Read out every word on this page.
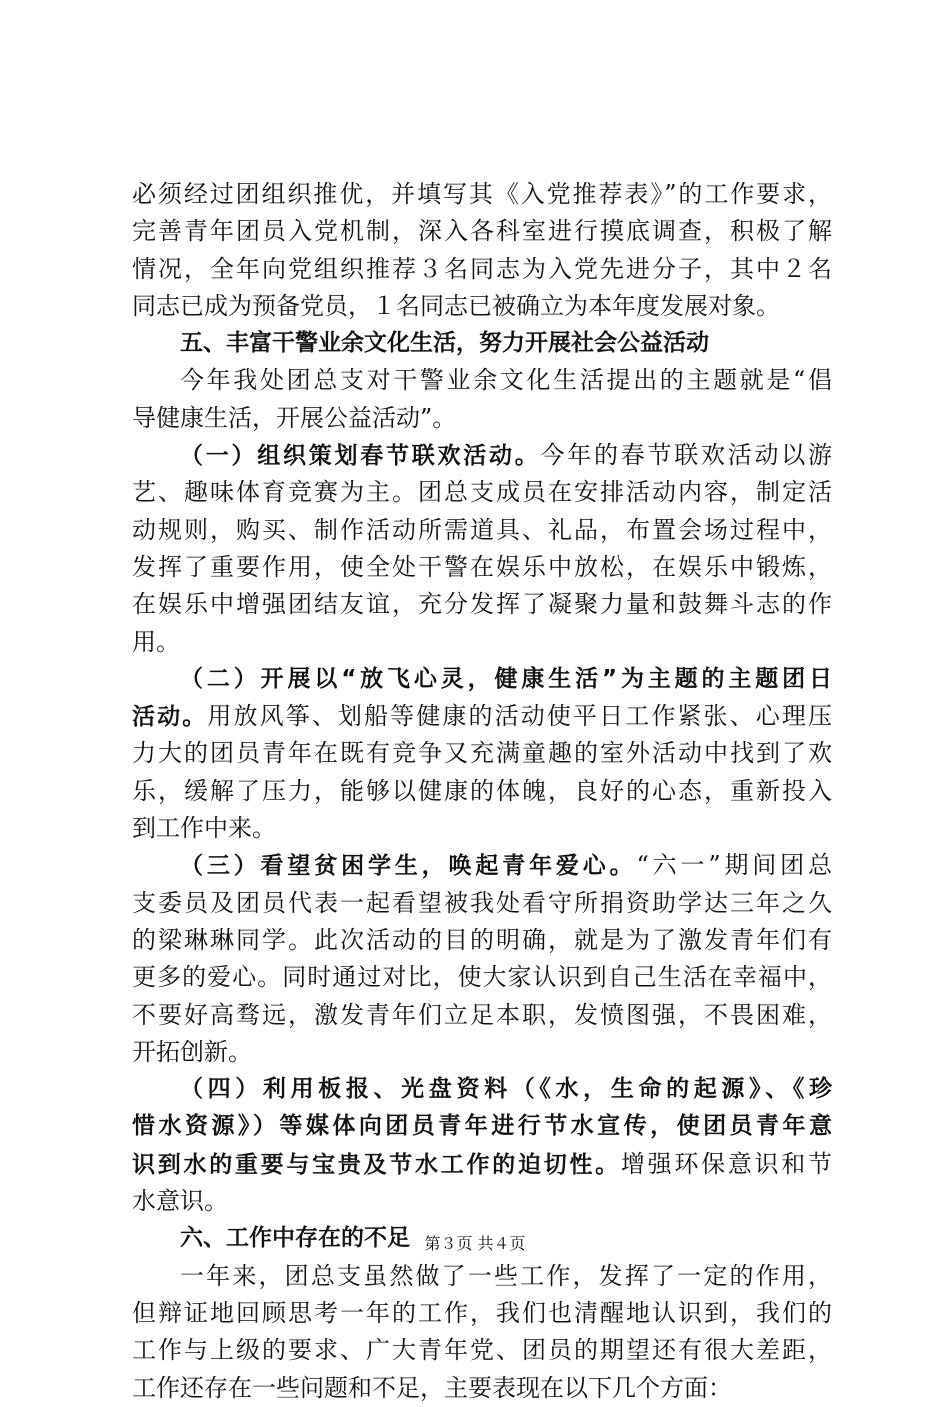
必须经过团组织推优，并填写其《入党推荐表》”的工作要求，
完善青年团员入党机制，深入各科室进行摸底调查，积极了解
情况，全年向党组织推荐３名同志为入党先进分子，其中２名
同志已成为预备党员，１名同志已被确立为本年度发展对象。
五、丰富干警业余文化生活，努力开展社会公益活动
今年我处团总支对干警业余文化生活提出的主题就是“倡
导健康生活，开展公益活动”。
（一）组织策划春节联欢活动。今年的春节联欢活动以游
艺、趣味体育竞赛为主。团总支成员在安排活动内容，制定活
动规则，购买、制作活动所需道具、礼品，布置会场过程中，
发挥了重要作用，使全处干警在娱乐中放松，在娱乐中锻炼，
在娱乐中增强团结友谊，充分发挥了凝聚力量和鼓舞斗志的作
用。
（二）开展以“放飞心灵，健康生活”为主题的主题团日
活动。用放风筝、划船等健康的活动使平日工作紧张、心理压
力大的团员青年在既有竞争又充满童趣的室外活动中找到了欢
乐，缓解了压力，能够以健康的体魄，良好的心态，重新投入
到工作中来。
（三）看望贫困学生，唤起青年爱心。“六一”期间团总
支委员及团员代表一起看望被我处看守所捐资助学达三年之久
的梁琳琳同学。此次活动的目的明确，就是为了激发青年们有
更多的爱心。同时通过对比，使大家认识到自己生活在幸福中，
不要好高骛远，激发青年们立足本职，发愤图强，不畏困难，
开拓创新。
（四）利用板报、光盘资料（《水，生命的起源》、《珍
惜水资源》）等媒体向团员青年进行节水宣传，使团员青年意
识到水的重要与宝贵及节水工作的迫切性。增强环保意识和节
水意识。
六、工作中存在的不足
一年来，团总支虽然做了一些工作，发挥了一定的作用，
但辩证地回顾思考一年的工作，我们也清醒地认识到，我们的
工作与上级的要求、广大青年党、团员的期望还有很大差距，
工作还存在一些问题和不足，主要表现在以下几个方面：
第３页 共４页
